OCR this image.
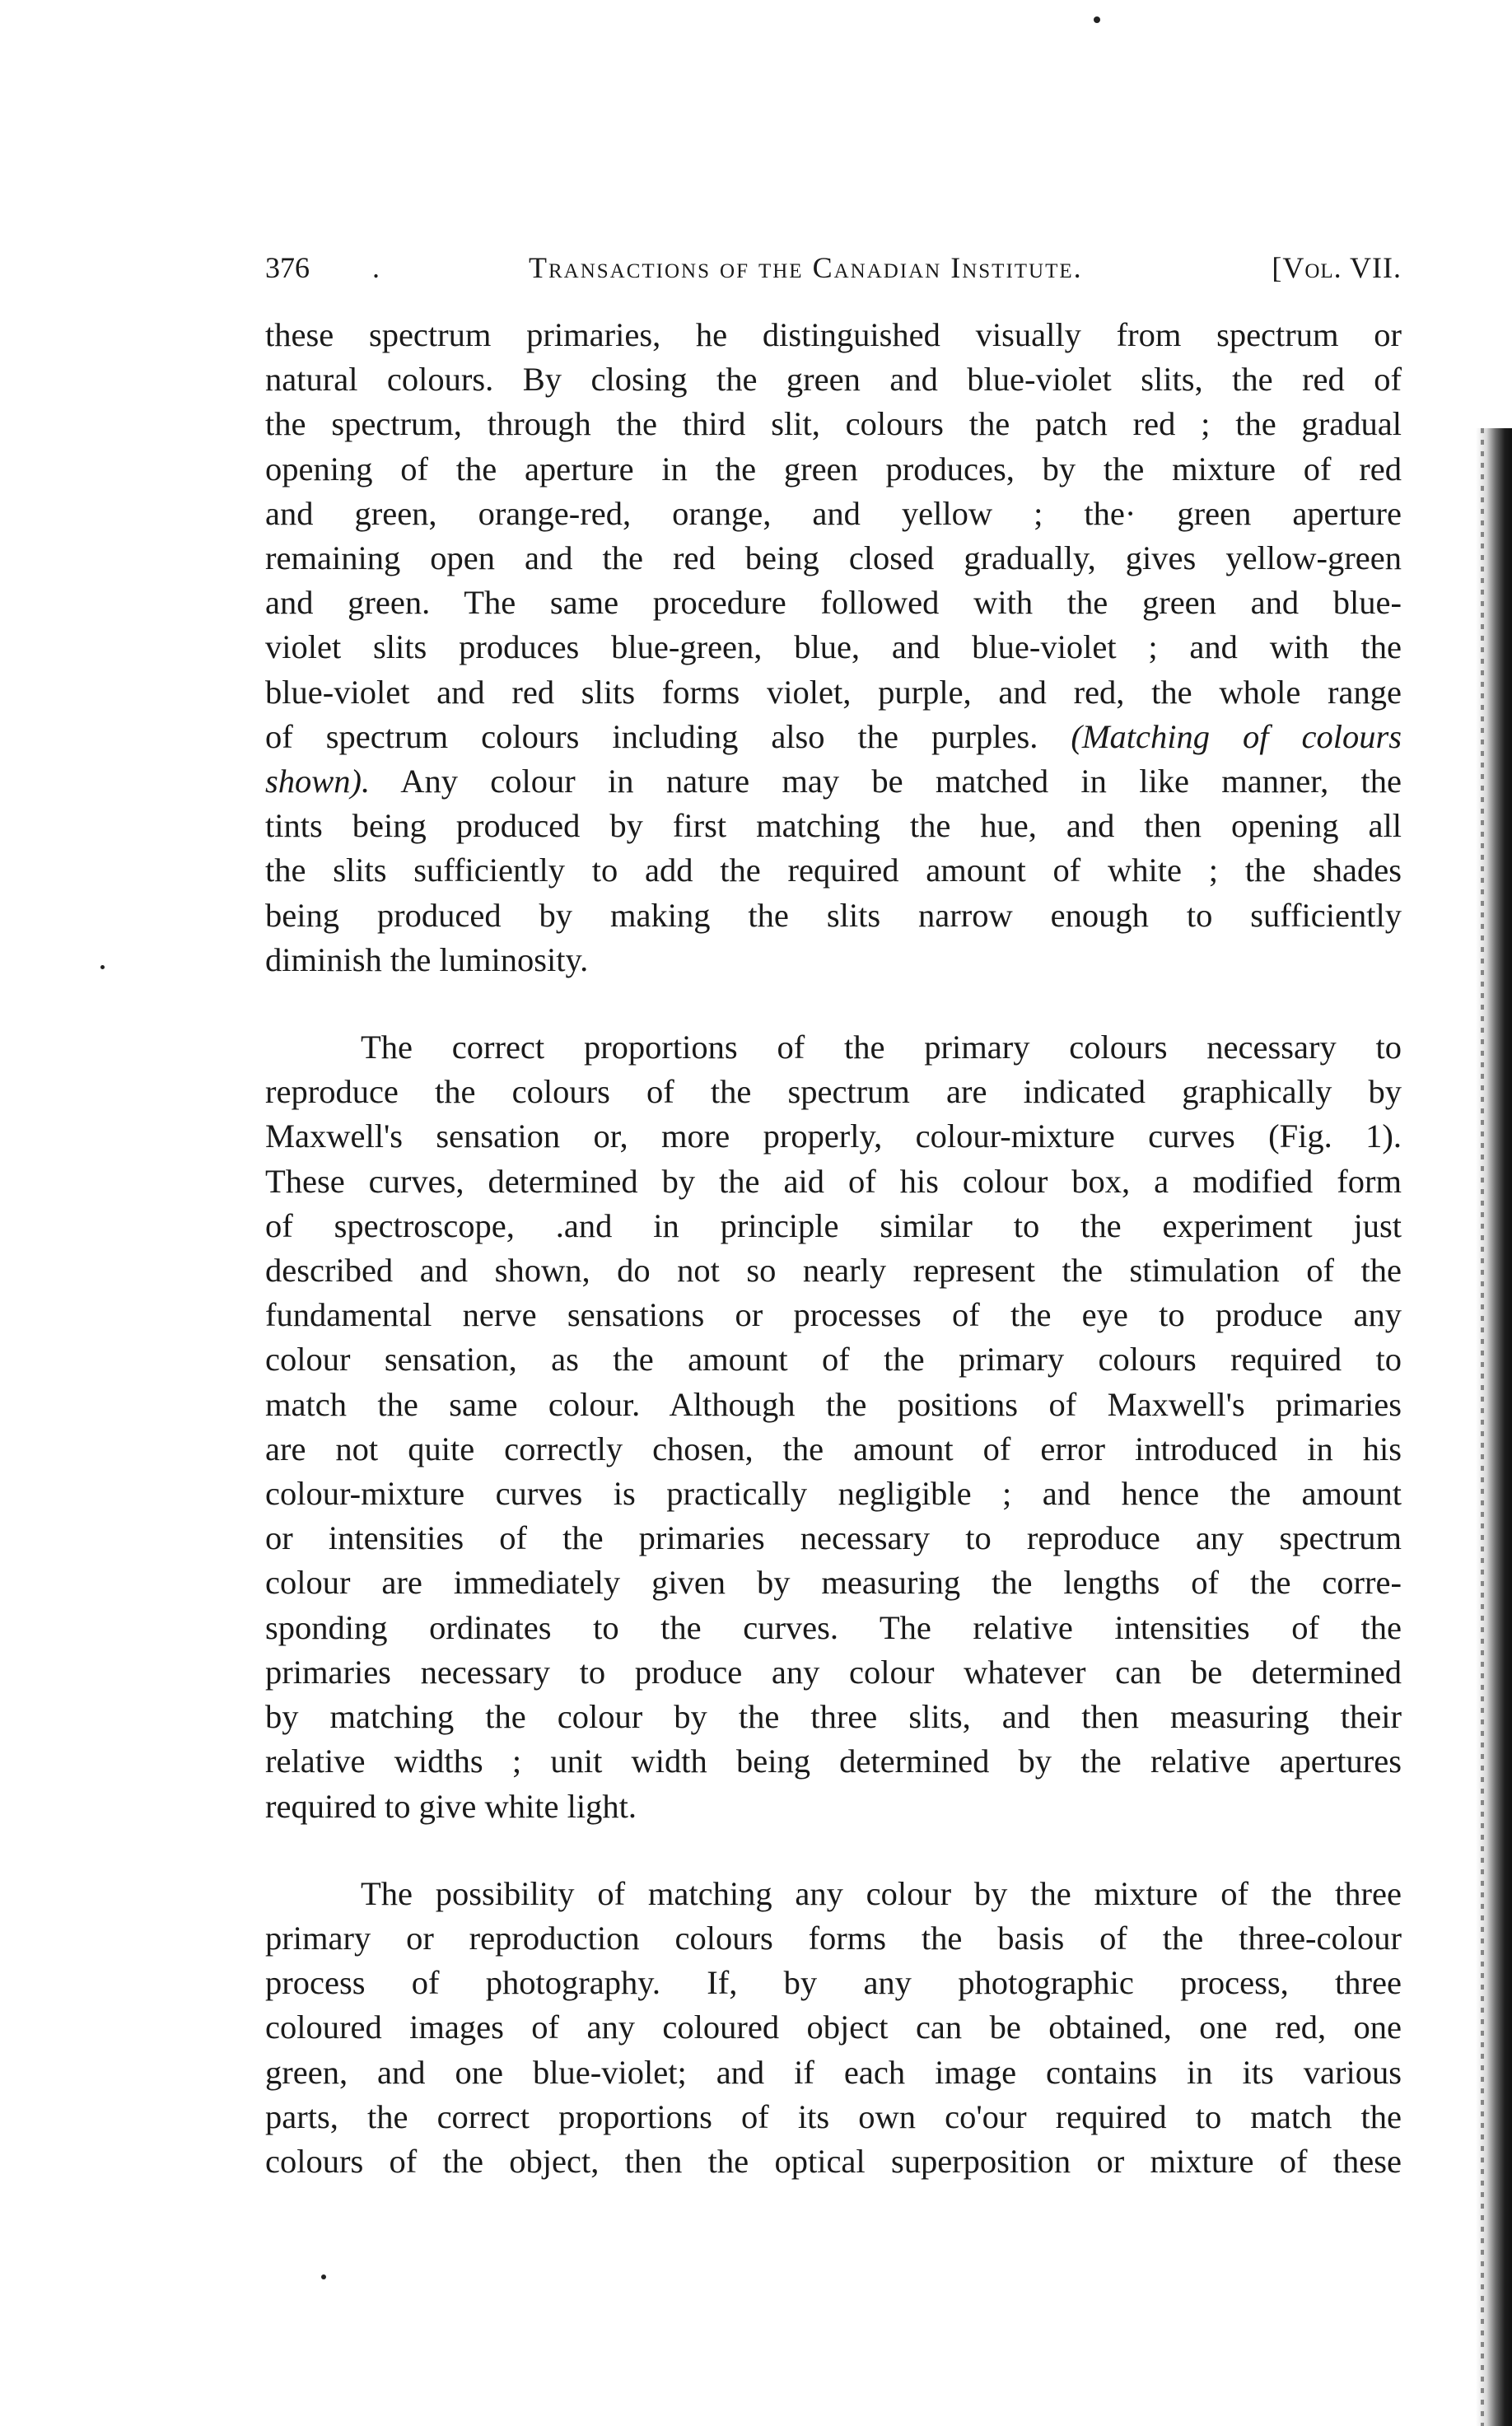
376 .	Transactions of the Canadian Institute.	[Vol. VII.

these spectrum primaries, he distinguished visually from spectrum or
natural colours. By closing the green and blue-violet slits, the red of
the spectrum, through the third slit, colours the patch red ; the gradual
opening of the aperture in the green produces, by the mixture of red
and green, orange-red, orange, and yellow ; the· green aperture
remaining open and the red being closed gradually, gives yellow-green
and green. The same procedure followed with the green and blue-
violet slits produces blue-green, blue, and blue-violet ; and with the
blue-violet and red slits forms violet, purple, and red, the whole range
of spectrum colours including also the purples. (Matching of colours
shown). Any colour in nature may be matched in like manner, the
tints being produced by first matching the hue, and then opening all
the slits sufficiently to add the required amount of white ; the shades
being produced by making the slits narrow enough to sufficiently
diminish the luminosity.

The correct proportions of the primary colours necessary to
reproduce the colours of the spectrum are indicated graphically by
Maxwell's sensation or, more properly, colour-mixture curves (Fig. 1).
These curves, determined by the aid of his colour box, a modified form
of spectroscope, .and in principle similar to the experiment just
described and shown, do not so nearly represent the stimulation of the
fundamental nerve sensations or processes of the eye to produce any
colour sensation, as the amount of the primary colours required to
match the same colour. Although the positions of Maxwell's primaries
are not quite correctly chosen, the amount of error introduced in his
colour-mixture curves is practically negligible ; and hence the amount
or intensities of the primaries necessary to reproduce any spectrum
colour are immediately given by measuring the lengths of the corre-
sponding ordinates to the curves. The relative intensities of the
primaries necessary to produce any colour whatever can be determined
by matching the colour by the three slits, and then measuring their
relative widths ; unit width being determined by the relative apertures
required to give white light.

The possibility of matching any colour by the mixture of the three
primary or reproduction colours forms the basis of the three-colour
process of photography. If, by any photographic process, three
coloured images of any coloured object can be obtained, one red, one
green, and one blue-violet; and if each image contains in its various
parts, the correct proportions of its own co'our required to match the
colours of the object, then the optical superposition or mixture of these
